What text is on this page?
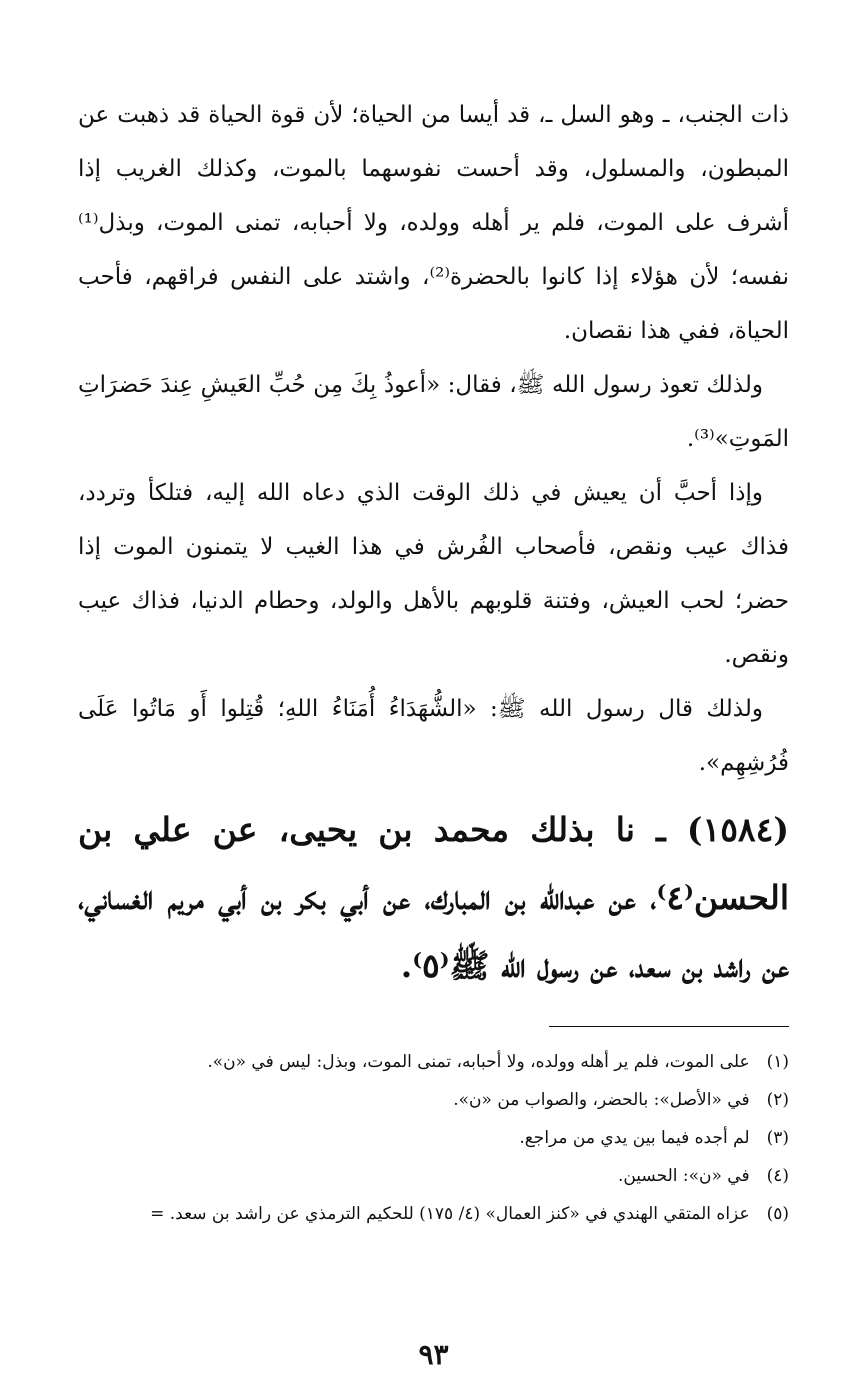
ذات الجنب، ـ وهو السل ـ، قد أيسا من الحياة؛ لأن قوة الحياة قد ذهبت عن المبطون، والمسلول، وقد أحست نفوسهما بالموت، وكذلك الغريب إذا أشرف على الموت، فلم ير أهله وولده، ولا أحبابه، تمنى الموت، وبذل⁽¹⁾ نفسه؛ لأن هؤلاء إذا كانوا بالحضرة⁽²⁾، واشتد على النفس فراقهم، فأحب الحياة، ففي هذا نقصان.

ولذلك تعوذ رسول الله ﷺ، فقال: «أعوذُ بِكَ مِن حُبِّ العَيشِ عِندَ حَضرَاتِ المَوتِ»⁽³⁾.

وإذا أحبَّ أن يعيش في ذلك الوقت الذي دعاه الله إليه، فتلكأ وتردد، فذاك عيب ونقص، فأصحاب الفُرش في هذا الغيب لا يتمنون الموت إذا حضر؛ لحب العيش، وفتنة قلوبهم بالأهل والولد، وحطام الدنيا، فذاك عيب ونقص.

ولذلك قال رسول الله ﷺ: «الشُّهَدَاءُ أُمَنَاءُ اللهِ؛ قُتِلوا أَو مَاتُوا عَلَى فُرُشِهِم».

(١٥٨٤) ـ نا بذلك محمد بن يحيى، عن علي بن الحسن⁽٤⁾، عن عبدالله بن المبارك، عن أبي بكر بن أبي مريم الغساني، عن راشد بن سعد، عن رسول الله ﷺ⁽٥⁾.

(١) على الموت، فلم ير أهله وولده، ولا أحبابه، تمنى الموت، وبذل: ليس في «ن».
(٢) في «الأصل»: بالحضر، والصواب من «ن».
(٣) لم أجده فيما بين يدي من مراجع.
(٤) في «ن»: الحسين.
(٥) عزاه المتقي الهندي في «كنز العمال» (٤/ ١٧٥) للحكيم الترمذي عن راشد بن سعد. =
٩٣
